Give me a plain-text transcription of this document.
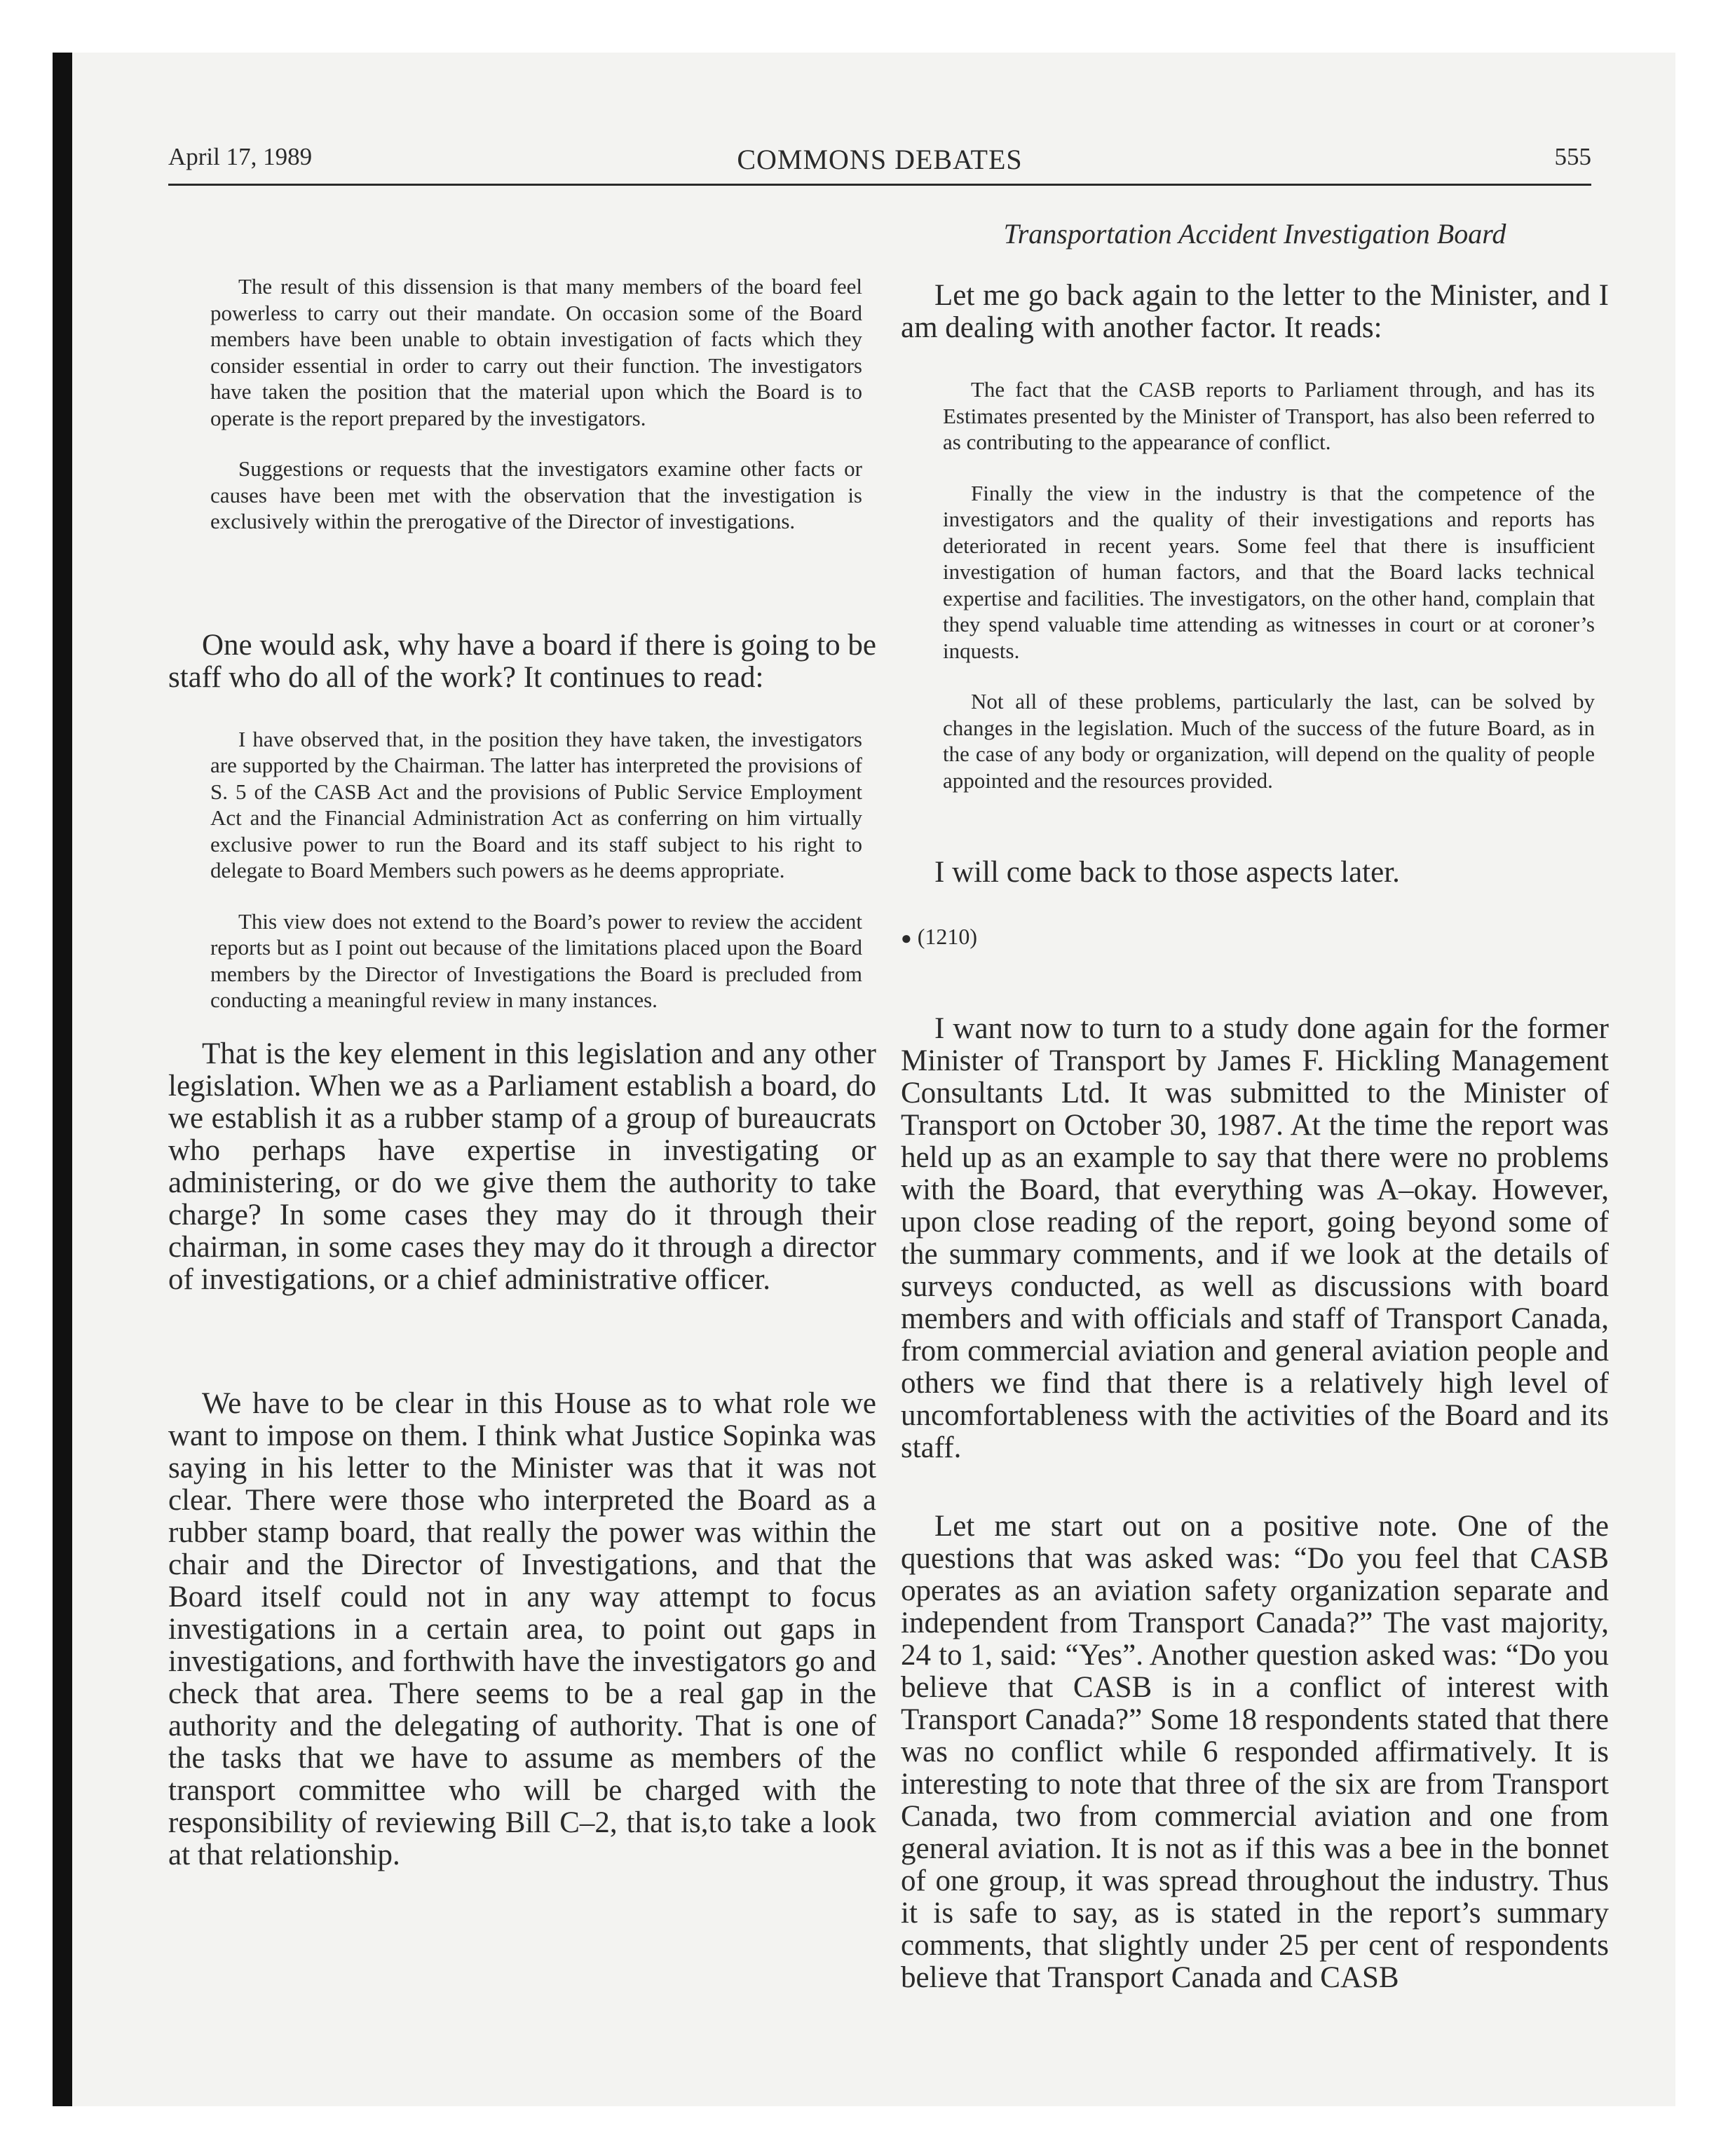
April 17, 1989	COMMONS DEBATES	555

The result of this dissension is that many members of the board feel powerless to carry out their mandate. On occasion some of the Board members have been unable to obtain investigation of facts which they consider essential in order to carry out their function. The investigators have taken the position that the material upon which the Board is to operate is the report prepared by the investigators.

Suggestions or requests that the investigators examine other facts or causes have been met with the observation that the investigation is exclusively within the prerogative of the Director of investigations.

One would ask, why have a board if there is going to be staff who do all of the work? It continues to read:

I have observed that, in the position they have taken, the investigators are supported by the Chairman. The latter has interpreted the provisions of S. 5 of the CASB Act and the provisions of Public Service Employment Act and the Financial Administration Act as conferring on him virtually exclusive power to run the Board and its staff subject to his right to delegate to Board Members such powers as he deems appropriate.

This view does not extend to the Board’s power to review the accident reports but as I point out because of the limitations placed upon the Board members by the Director of Investigations the Board is precluded from conducting a meaningful review in many instances.

That is the key element in this legislation and any other legislation. When we as a Parliament establish a board, do we establish it as a rubber stamp of a group of bureaucrats who perhaps have expertise in investigating or administering, or do we give them the authority to take charge? In some cases they may do it through their chairman, in some cases they may do it through a director of investigations, or a chief administrative officer.

We have to be clear in this House as to what role we want to impose on them. I think what Justice Sopinka was saying in his letter to the Minister was that it was not clear. There were those who interpreted the Board as a rubber stamp board, that really the power was within the chair and the Director of Investigations, and that the Board itself could not in any way attempt to focus investigations in a certain area, to point out gaps in investigations, and forthwith have the investigators go and check that area. There seems to be a real gap in the authority and the delegating of authority. That is one of the tasks that we have to assume as members of the transport committee who will be charged with the responsibility of reviewing Bill C–2, that is,to take a look at that relationship.

Transportation Accident Investigation Board

Let me go back again to the letter to the Minister, and I am dealing with another factor. It reads:

The fact that the CASB reports to Parliament through, and has its Estimates presented by the Minister of Transport, has also been referred to as contributing to the appearance of conflict.

Finally the view in the industry is that the competence of the investigators and the quality of their investigations and reports has deteriorated in recent years. Some feel that there is insufficient investigation of human factors, and that the Board lacks technical expertise and facilities. The investigators, on the other hand, complain that they spend valuable time attending as witnesses in court or at coroner’s inquests.

Not all of these problems, particularly the last, can be solved by changes in the legislation. Much of the success of the future Board, as in the case of any body or organization, will depend on the quality of people appointed and the resources provided.

I will come back to those aspects later.

● (1210)

I want now to turn to a study done again for the former Minister of Transport by James F. Hickling Management Consultants Ltd. It was submitted to the Minister of Transport on October 30, 1987. At the time the report was held up as an example to say that there were no problems with the Board, that everything was A–okay. However, upon close reading of the report, going beyond some of the summary comments, and if we look at the details of surveys conducted, as well as discussions with board members and with officials and staff of Transport Canada, from commercial aviation and general aviation people and others we find that there is a relatively high level of uncomfortableness with the activities of the Board and its staff.

Let me start out on a positive note. One of the questions that was asked was: “Do you feel that CASB operates as an aviation safety organization separate and independent from Transport Canada?” The vast majority, 24 to 1, said: “Yes”. Another question asked was: “Do you believe that CASB is in a conflict of interest with Transport Canada?” Some 18 respondents stated that there was no conflict while 6 responded affirmatively. It is interesting to note that three of the six are from Transport Canada, two from commercial aviation and one from general aviation. It is not as if this was a bee in the bonnet of one group, it was spread throughout the industry. Thus it is safe to say, as is stated in the report’s summary comments, that slightly under 25 per cent of respondents believe that Transport Canada and CASB
